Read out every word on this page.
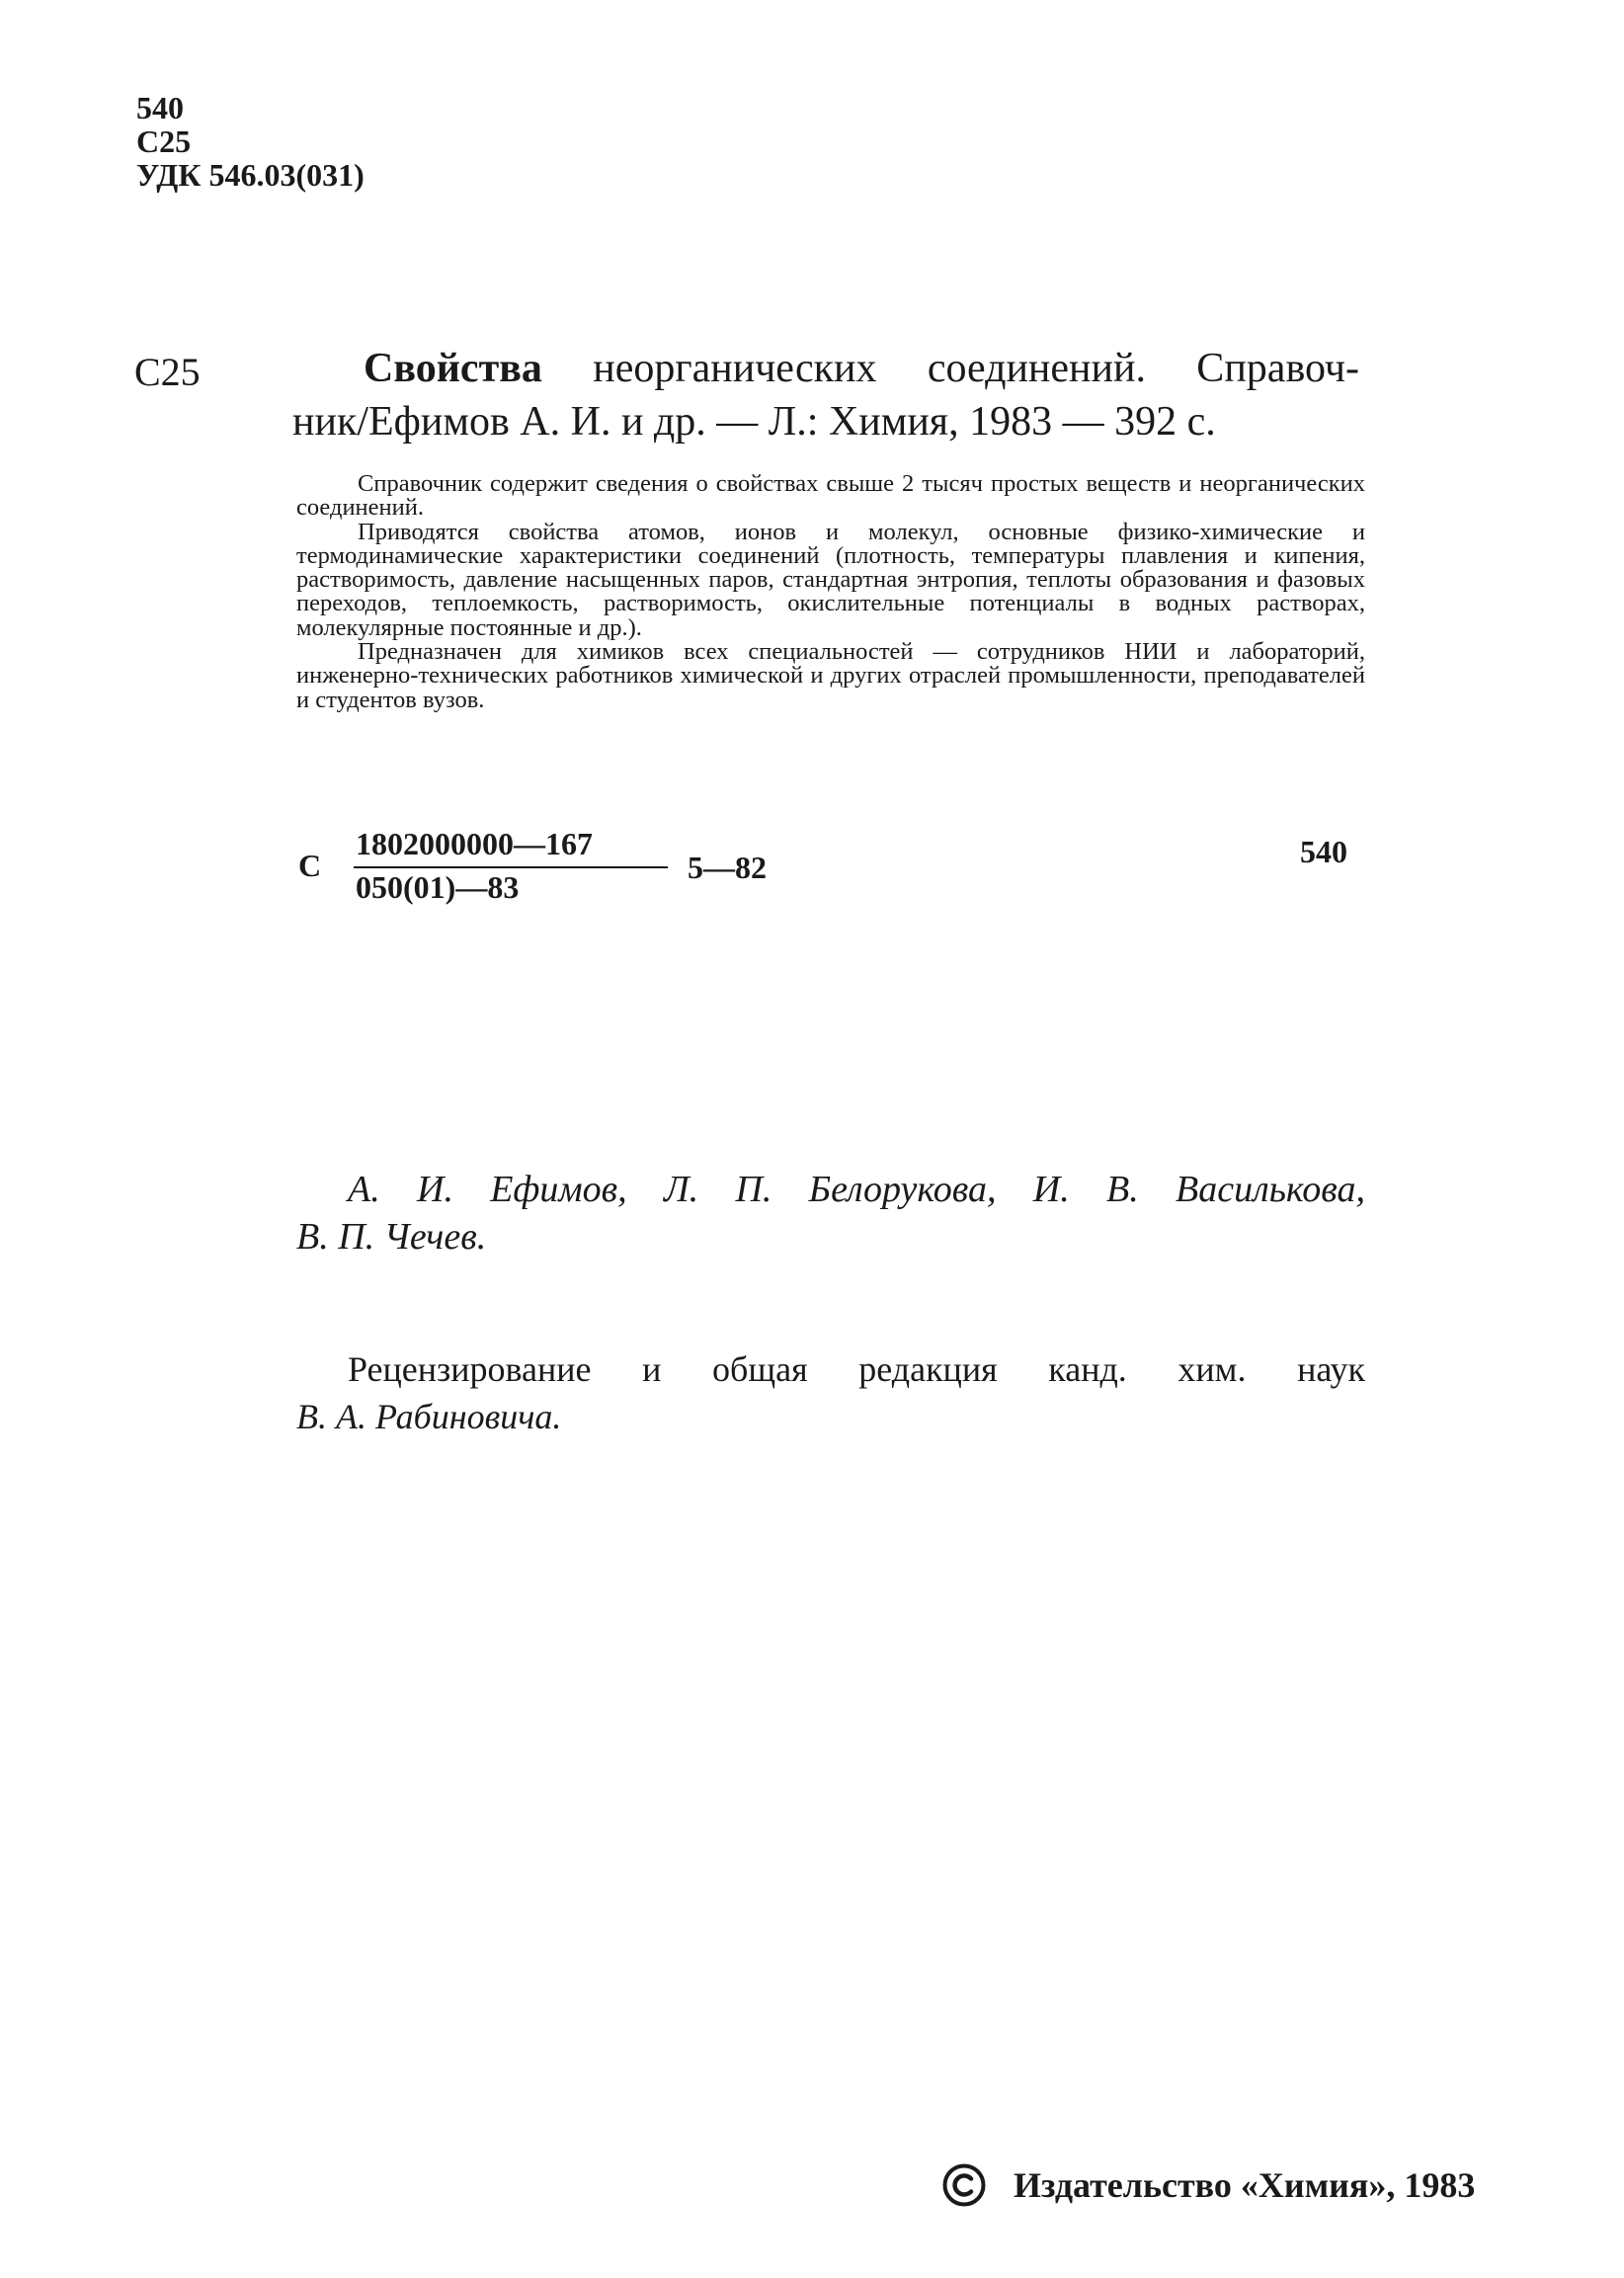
540
С25
УДК 546.03(031)
С25	Свойства неорганических соединений. Справоч-
ник/Ефимов А. И. и др. — Л.: Химия, 1983 — 392 с.

Справочник содержит сведения о свойствах свыше 2 тысяч простых веществ и неорганических соединений.

Приводятся свойства атомов, ионов и молекул, основные физико-химические и термодинамические характеристики соединений (плотность, температуры плавления и кипения, растворимость, давление насыщенных паров, стандартная энтропия, теплоты образования и фазовых переходов, теплоемкость, растворимость, окислительные потенциалы в водных растворах, молекулярные постоянные и др.).

Предназначен для химиков всех специальностей — сотрудников НИИ и лабораторий, инженерно-технических работников химической и других отраслей промышленности, преподавателей и студентов вузов.

С
1802000000—167
050(01)—83
5—82	540
А. И. Ефимов, Л. П. Белорукова, И. В. Василькова,
В. П. Чечев.
Рецензирование и общая редакция канд. хим. наук
В. А. Рабиновича.
Издательство «Химия», 1983
